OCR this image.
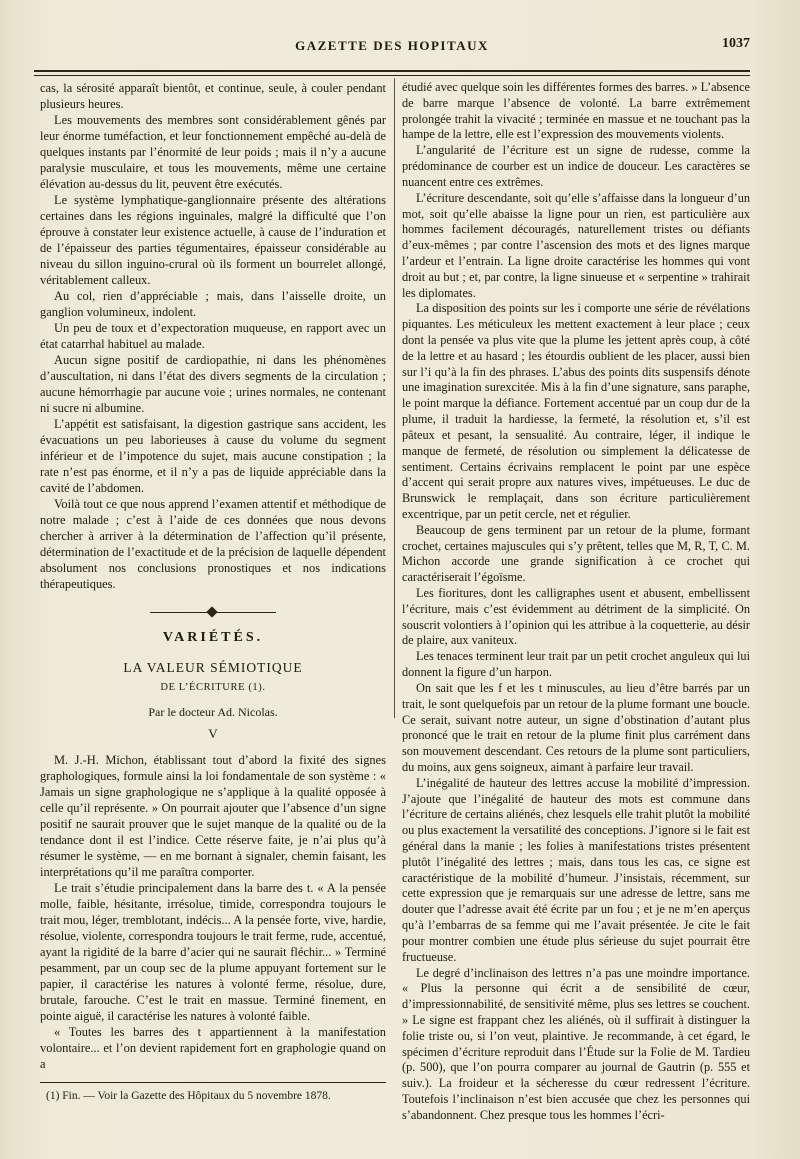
GAZETTE DES HOPITAUX	1037

cas, la sérosité apparaît bientôt, et continue, seule, à couler pendant plusieurs heures.

Les mouvements des membres sont considérablement gênés par leur énorme tuméfaction, et leur fonctionnement empêché au-delà de quelques instants par l’énormité de leur poids ; mais il n’y a aucune paralysie musculaire, et tous les mouvements, même une certaine élévation au-dessus du lit, peuvent être exécutés.

Le système lymphatique-ganglionnaire présente des altérations certaines dans les régions inguinales, malgré la difficulté que l’on éprouve à constater leur existence actuelle, à cause de l’induration et de l’épaisseur des parties tégumentaires, épaisseur considérable au niveau du sillon inguino-crural où ils forment un bourrelet allongé, véritablement calleux.

Au col, rien d’appréciable ; mais, dans l’aisselle droite, un ganglion volumineux, indolent.

Un peu de toux et d’expectoration muqueuse, en rapport avec un état catarrhal habituel au malade.

Aucun signe positif de cardiopathie, ni dans les phénomènes d’auscultation, ni dans l’état des divers segments de la circulation ; aucune hémorrhagie par aucune voie ; urines normales, ne contenant ni sucre ni albumine.

L’appétit est satisfaisant, la digestion gastrique sans accident, les évacuations un peu laborieuses à cause du volume du segment inférieur et de l’impotence du sujet, mais aucune constipation ; la rate n’est pas énorme, et il n’y a pas de liquide appréciable dans la cavité de l’abdomen.

Voilà tout ce que nous apprend l’examen attentif et méthodique de notre malade ; c’est à l’aide de ces données que nous devons chercher à arriver à la détermination de l’affection qu’il présente, détermination de l’exactitude et de la précision de laquelle dépendent absolument nos conclusions pronostiques et nos indications thérapeutiques.

VARIÉTÉS.
LA VALEUR SÉMIOTIQUE
DE L’ÉCRITURE (1).
Par le docteur Ad. Nicolas.
V

M. J.-H. Michon, établissant tout d’abord la fixité des signes graphologiques, formule ainsi la loi fondamentale de son système : « Jamais un signe graphologique ne s’applique à la qualité opposée à celle qu’il représente. » On pourrait ajouter que l’absence d’un signe positif ne saurait prouver que le sujet manque de la qualité ou de la tendance dont il est l’indice. Cette réserve faite, je n’ai plus qu’à résumer le système, — en me bornant à signaler, chemin faisant, les interprétations qu’il me paraîtra comporter.

Le trait s’étudie principalement dans la barre des t. « A la pensée molle, faible, hésitante, irrésolue, timide, correspondra toujours le trait mou, léger, tremblotant, indécis... A la pensée forte, vive, hardie, résolue, violente, correspondra toujours le trait ferme, rude, accentué, ayant la rigidité de la barre d’acier qui ne saurait fléchir... » Terminé pesamment, par un coup sec de la plume appuyant fortement sur le papier, il caractérise les natures à volonté ferme, résolue, dure, brutale, farouche. C’est le trait en massue. Terminé finement, en pointe aiguë, il caractérise les natures à volonté faible.

« Toutes les barres des t appartiennent à la manifestation volontaire... et l’on devient rapidement fort en graphologie quand on a

étudié avec quelque soin les différentes formes des barres. » L’absence de barre marque l’absence de volonté. La barre extrêmement prolongée trahit la vivacité ; terminée en massue et ne touchant pas la hampe de la lettre, elle est l’expression des mouvements violents.

L’angularité de l’écriture est un signe de rudesse, comme la prédominance de courber est un indice de douceur. Les caractères se nuancent entre ces extrêmes.

L’écriture descendante, soit qu’elle s’affaisse dans la longueur d’un mot, soit qu’elle abaisse la ligne pour un rien, est particulière aux hommes facilement découragés, naturellement tristes ou défiants d’eux-mêmes ; par contre l’ascension des mots et des lignes marque l’ardeur et l’entrain. La ligne droite caractérise les hommes qui vont droit au but ; et, par contre, la ligne sinueuse et « serpentine » trahirait les diplomates.

La disposition des points sur les i comporte une série de révélations piquantes. Les méticuleux les mettent exactement à leur place ; ceux dont la pensée va plus vite que la plume les jettent après coup, à côté de la lettre et au hasard ; les étourdis oublient de les placer, aussi bien sur l’i qu’à la fin des phrases. L’abus des points dits suspensifs dénote une imagination surexcitée. Mis à la fin d’une signature, sans paraphe, le point marque la défiance. Fortement accentué par un coup dur de la plume, il traduit la hardiesse, la fermeté, la résolution et, s’il est pâteux et pesant, la sensualité. Au contraire, léger, il indique le manque de fermeté, de résolution ou simplement la délicatesse de sentiment. Certains écrivains remplacent le point par une espèce d’accent qui serait propre aux natures vives, impétueuses. Le duc de Brunswick le remplaçait, dans son écriture particulièrement excentrique, par un petit cercle, net et régulier.

Beaucoup de gens terminent par un retour de la plume, formant crochet, certaines majuscules qui s’y prêtent, telles que M, R, T, C. M. Michon accorde une grande signification à ce crochet qui caractériserait l’égoïsme.

Les fioritures, dont les calligraphes usent et abusent, embellissent l’écriture, mais c’est évidemment au détriment de la simplicité. On souscrit volontiers à l’opinion qui les attribue à la coquetterie, au désir de plaire, aux vaniteux.

Les tenaces terminent leur trait par un petit crochet anguleux qui lui donnent la figure d’un harpon.

On sait que les f et les t minuscules, au lieu d’être barrés par un trait, le sont quelquefois par un retour de la plume formant une boucle. Ce serait, suivant notre auteur, un signe d’obstination d’autant plus prononcé que le trait en retour de la plume finit plus carrément dans son mouvement descendant. Ces retours de la plume sont particuliers, du moins, aux gens soigneux, aimant à parfaire leur travail.

L’inégalité de hauteur des lettres accuse la mobilité d’impression. J’ajoute que l’inégalité de hauteur des mots est commune dans l’écriture de certains aliénés, chez lesquels elle trahit plutôt la mobilité ou plus exactement la versatilité des conceptions. J’ignore si le fait est général dans la manie ; les folies à manifestations tristes présentent plutôt l’inégalité des lettres ; mais, dans tous les cas, ce signe est caractéristique de la mobilité d’humeur. J’insistais, récemment, sur cette expression que je remarquais sur une adresse de lettre, sans me douter que l’adresse avait été écrite par un fou ; et je ne m’en aperçus qu’à l’embarras de sa femme qui me l’avait présentée. Je cite le fait pour montrer combien une étude plus sérieuse du sujet pourrait être fructueuse.

Le degré d’inclinaison des lettres n’a pas une moindre importance. « Plus la personne qui écrit a de sensibilité de cœur, d’impressionnabilité, de sensitivité même, plus ses lettres se couchent. » Le signe est frappant chez les aliénés, où il suffirait à distinguer la folie triste ou, si l’on veut, plaintive. Je recommande, à cet égard, le spécimen d’écriture reproduit dans l’Étude sur la Folie de M. Tardieu (p. 500), que l’on pourra comparer au journal de Gautrin (p. 555 et suiv.). La froideur et la sécheresse du cœur redressent l’écriture. Toutefois l’inclinaison n’est bien accusée que chez les personnes qui s’abandonnent. Chez presque tous les hommes l’écri-

(1) Fin. — Voir la Gazette des Hôpitaux du 5 novembre 1878.
